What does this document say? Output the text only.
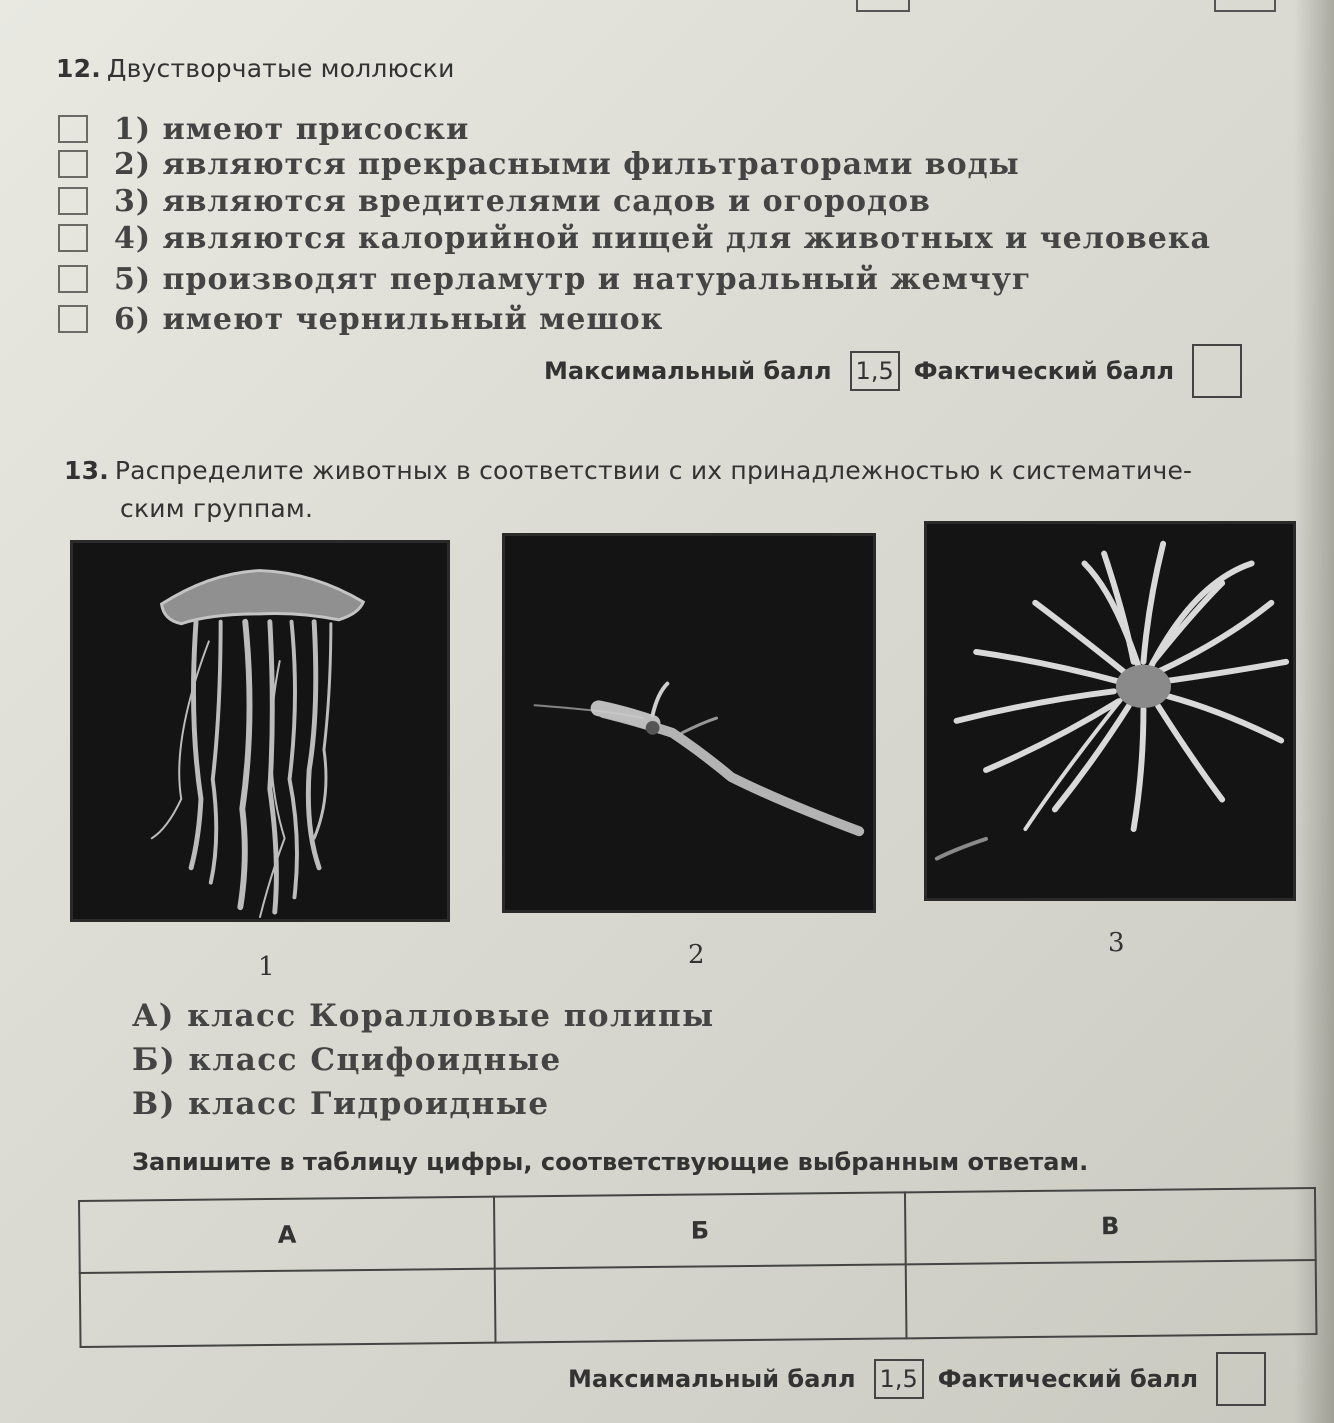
12. Двустворчатые моллюски
1) имеют присоски
2) являются прекрасными фильтраторами воды
3) являются вредителями садов и огородов
4) являются калорийной пищей для животных и человека
5) производят перламутр и натуральный жемчуг
6) имеют чернильный мешок
Максимальный балл 1,5 Фактический балл
13. Распределите животных в соответствии с их принадлежностью к систематиче-
ским группам.
1	2	3
А) класс Коралловые полипы
Б) класс Сцифоидные
В) класс Гидроидные
Запишите в таблицу цифры, соответствующие выбранным ответам.
А	Б	В

Максимальный балл 1,5 Фактический балл
